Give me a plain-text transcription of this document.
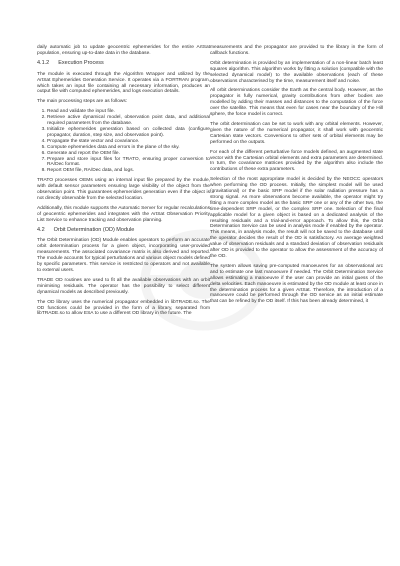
daily automatic job to update geocentric ephemerides for the entire ArtSat population, ensuring up-to-date data in the database.

4.1.2 Execution Process

The module is executed through the Algorithm Wrapper and utilized by the ArtSat Ephemerides Generation Service. It operates via a FORTRAN program, which takes an input file containing all necessary information, produces an output file with computed ephemerides, and logs execution details.

The main processing steps are as follows:

1. Read and validate the input file.
2. Retrieve active dynamical model, observation point data, and additional required parameters from the database.
3. Initialize ephemerides generation based on collected data (configure propagator, duration, step size, and observation point).
4. Propagate the state vector and covariance.
5. Compute ephemerides data and errors in the plane of the sky.
6. Generate and report the OEM file.
7. Prepare and store input files for TRATO, ensuring proper conversion to RA/Dec format.
8. Report OEM file, RA/Dec data, and logs.

TRATO processes OEMs using an internal input file prepared by the module, with default sensor parameters ensuring large visibility of the object from the observation point. This guarantees ephemerides generation even if the object is not directly observable from the selected location.

Additionally, this module supports the Automatic Server for regular recalculations of geocentric ephemerides and integrates with the ArtSat Observation Priority List Service to enhance tracking and observation planning.

4.2 Orbit Determination (OD) Module

The Orbit Determination (OD) Module enables operators to perform an accurate orbit determination process for a given object, incorporating user-provided measurements. The associated covariance matrix is also derived and reported. The module accounts for typical perturbations and various object models defined by specific parameters. This service is restricted to operators and not available to external users.

TRADE OD routines are used to fit all the available observations with an orbit minimising residuals. The operator has the possibility to select different dynamical models as described previously.

The OD library uses the numerical propagator embedded in libTRADE.so. The OD functions could be provided in the form of a library, separated from libTRADE.so to allow ESA to use a different OD library in the future. The

measurements and the propagator are provided to the library in the form of callback functions.

Orbit determination is provided by an implementation of a non-linear batch least squares algorithm. This algorithm works by fitting a solution (compatible with the selected dynamical model) to the available observations (each of these observations characterised by the time, measurement itself and noise.

All orbit determinations consider the Earth as the central body. However, as the propagator is fully numerical, gravity contributions from other bodies are modelled by adding their masses and distances to the computation of the force over the satellite. This means that even for cases near the boundary of the Hill sphere, the force model is correct.

The orbit determination can be set to work with any orbital elements. However, given the nature of the numerical propagator, it shall work with geocentric Cartesian state vectors. Conversions to other sets of orbital elements may be performed on the outputs.

For each of the different perturbative force models defined, an augmented state vector with the Cartesian orbital elements and extra parameters are determined. In turn, the covariance matrices provided by the algorithm also include the contributions of these extra parameters.

Selection of the most appropriate model is decided by the NEOCC operators when performing the OD process. Initially, the simplest model will be used (gravitational) or the basic SRP model if the solar radiation pressure has a strong signal. As more observations become available, the operator might try fitting a more complex model as the basic SRP one or any of the other two, the time-dependent SRP model, or the complex SRP one. Selection of the final applicable model for a given object is based on a dedicated analysis of the resulting residuals and a trial-and-error approach. To allow this, the Orbit Determination Service can be used in analysis mode if enabled by the operator. This means, in analysis mode, the result will not be saved to the database until the operator decides the result of the OD is satisfactory. An average weighted value of observation residuals and a standard deviation of observation residuals after OD is provided to the operator to allow the assessment of the accuracy of the OD.

The system allows saving pre-computed manoeuvres for an observational arc and to estimate one last manoeuvre if needed. The Orbit Determination Service allows estimating a manoeuvre if the user can provide an initial guess of the delta velocities. Each manoeuvre is estimated by the OD module at least once in the determination process for a given ArtSat. Therefore, the introduction of a manoeuvre could be performed through the OD service as an initial estimate that can be refined by the OD itself. If this has been already determined, it
